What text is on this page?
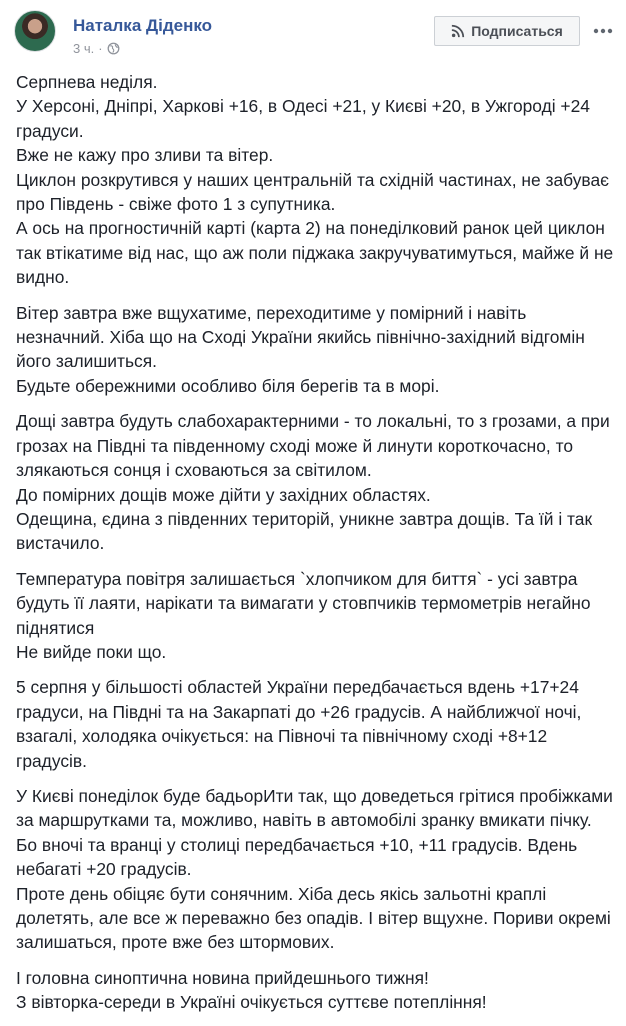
Наталка Діденко
3 ч. ·
Подписаться

Серпнева неділя.
У Херсоні, Дніпрі, Харкові +16, в Одесі +21, у Києві +20, в Ужгороді +24 градуси.
Вже не кажу про зливи та вітер.
Циклон розкрутився у наших центральній та східній частинах, не забуває про Південь - свіже фото 1 з супутника.
А ось на прогностичній карті (карта 2) на понеділковий ранок цей циклон так втікатиме від нас, що аж поли піджака закручуватимуться, майже й не видно.

Вітер завтра вже вщухатиме, переходитиме у помірний і навіть незначний. Хіба що на Сході України якийсь північно-західний відгомін його залишиться.
Будьте обережними особливо біля берегів та в морі.

Дощі завтра будуть слабохарактерними - то локальні, то з грозами, а при грозах на Півдні та південному сході може й линути короткочасно, то злякаються сонця і сховаються за світилом.
До помірних дощів може дійти у західних областях.
Одещина, єдина з південних територій, уникне завтра дощів. Та їй і так вистачило.

Температура повітря залишається `хлопчиком для биття` - усі завтра будуть її лаяти, нарікати та вимагати у стовпчиків термометрів негайно піднятися
Не вийде поки що.

5 серпня у більшості областей України передбачається вдень +17+24 градуси, на Півдні та на Закарпаті до +26 градусів. А найближчої ночі, взагалі, холодяка очікується: на Півночі та північному сході +8+12 градусів.

У Києві понеділок буде бадьорИти так, що доведеться грітися пробіжками за маршрутками та, можливо, навіть в автомобілі зранку вмикати пічку.
Бо вночі та вранці у столиці передбачається +10, +11 градусів. Вдень небагаті +20 градусів.
Проте день обіцяє бути сонячним. Хіба десь якісь зальотні краплі долетять, але все ж переважно без опадів. І вітер вщухне. Пориви окремі залишаться, проте вже без штормових.

І головна синоптична новина прийдешнього тижня!
З вівторка-середи в Україні очікується суттєве потепління!
